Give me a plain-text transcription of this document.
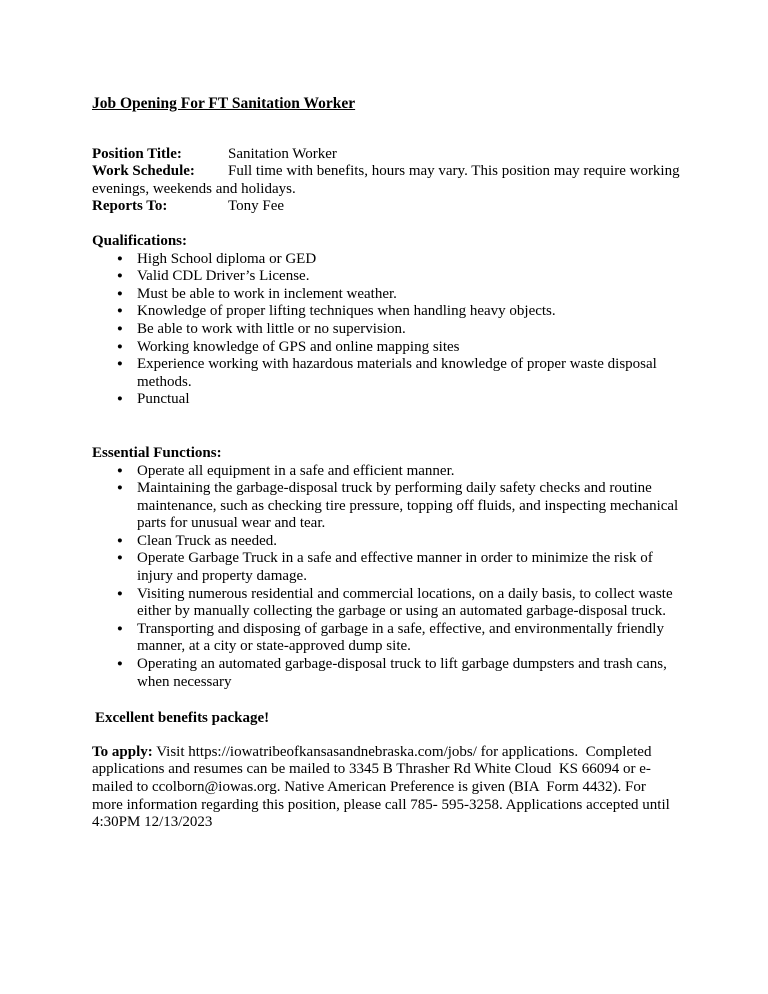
Job Opening For FT Sanitation Worker

Position Title:	Sanitation Worker

Work Schedule: Full time with benefits, hours may vary. This position may require working evenings, weekends and holidays.

Reports To:	Tony Fee

Qualifications:
● High School diploma or GED
● Valid CDL Driver’s License.
● Must be able to work in inclement weather.
● Knowledge of proper lifting techniques when handling heavy objects.
● Be able to work with little or no supervision.
● Working knowledge of GPS and online mapping sites
● Experience working with hazardous materials and knowledge of proper waste disposal methods.
● Punctual
Essential Functions:
● Operate all equipment in a safe and efficient manner.
● Maintaining the garbage-disposal truck by performing daily safety checks and routine maintenance, such as checking tire pressure, topping off fluids, and inspecting mechanical parts for unusual wear and tear.
● Clean Truck as needed.
● Operate Garbage Truck in a safe and effective manner in order to minimize the risk of injury and property damage.
● Visiting numerous residential and commercial locations, on a daily basis, to collect waste either by manually collecting the garbage or using an automated garbage-disposal truck.
● Transporting and disposing of garbage in a safe, effective, and environmentally friendly manner, at a city or state-approved dump site.
● Operating an automated garbage-disposal truck to lift garbage dumpsters and trash cans, when necessary

Excellent benefits package!

To apply: Visit https://iowatribeofkansasandnebraska.com/jobs/ for applications.  Completed applications and resumes can be mailed to 3345 B Thrasher Rd White Cloud  KS 66094 or e-mailed to ccolborn@iowas.org. Native American Preference is given (BIA  Form 4432). For more information regarding this position, please call 785- 595-3258. Applications accepted until 4:30PM 12/13/2023
